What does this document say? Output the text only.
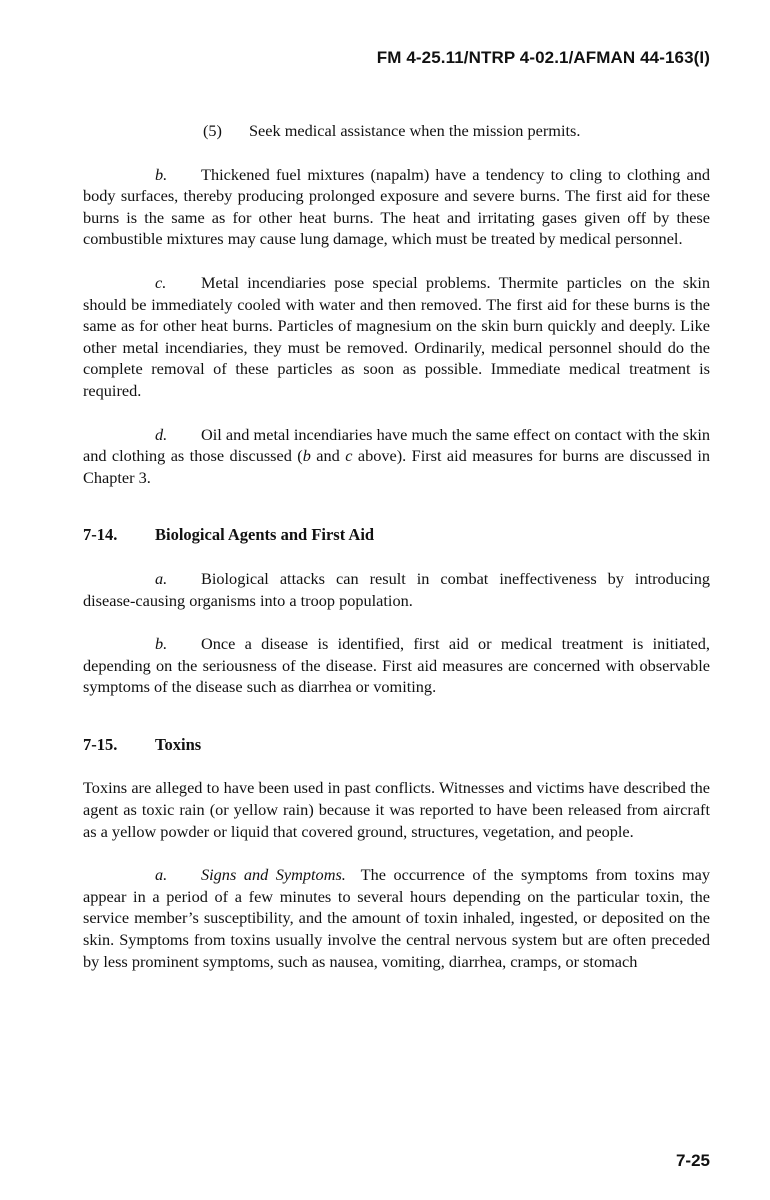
FM 4-25.11/NTRP 4-02.1/AFMAN 44-163(I)

(5) Seek medical assistance when the mission permits.

b. Thickened fuel mixtures (napalm) have a tendency to cling to clothing and body surfaces, thereby producing prolonged exposure and severe burns. The first aid for these burns is the same as for other heat burns. The heat and irritating gases given off by these combustible mixtures may cause lung damage, which must be treated by medical personnel.

c. Metal incendiaries pose special problems. Thermite particles on the skin should be immediately cooled with water and then removed. The first aid for these burns is the same as for other heat burns. Particles of magnesium on the skin burn quickly and deeply. Like other metal incendiaries, they must be removed. Ordinarily, medical personnel should do the complete removal of these particles as soon as possible. Immediate medical treatment is required.

d. Oil and metal incendiaries have much the same effect on contact with the skin and clothing as those discussed (b and c above). First aid measures for burns are discussed in Chapter 3.

7-14. Biological Agents and First Aid

a. Biological attacks can result in combat ineffectiveness by introducing disease-causing organisms into a troop population.

b. Once a disease is identified, first aid or medical treatment is initiated, depending on the seriousness of the disease. First aid measures are concerned with observable symptoms of the disease such as diarrhea or vomiting.

7-15. Toxins

Toxins are alleged to have been used in past conflicts. Witnesses and victims have described the agent as toxic rain (or yellow rain) because it was reported to have been released from aircraft as a yellow powder or liquid that covered ground, structures, vegetation, and people.

a. Signs and Symptoms. The occurrence of the symptoms from toxins may appear in a period of a few minutes to several hours depending on the particular toxin, the service member’s susceptibility, and the amount of toxin inhaled, ingested, or deposited on the skin. Symptoms from toxins usually involve the central nervous system but are often preceded by less prominent symptoms, such as nausea, vomiting, diarrhea, cramps, or stomach

7-25
